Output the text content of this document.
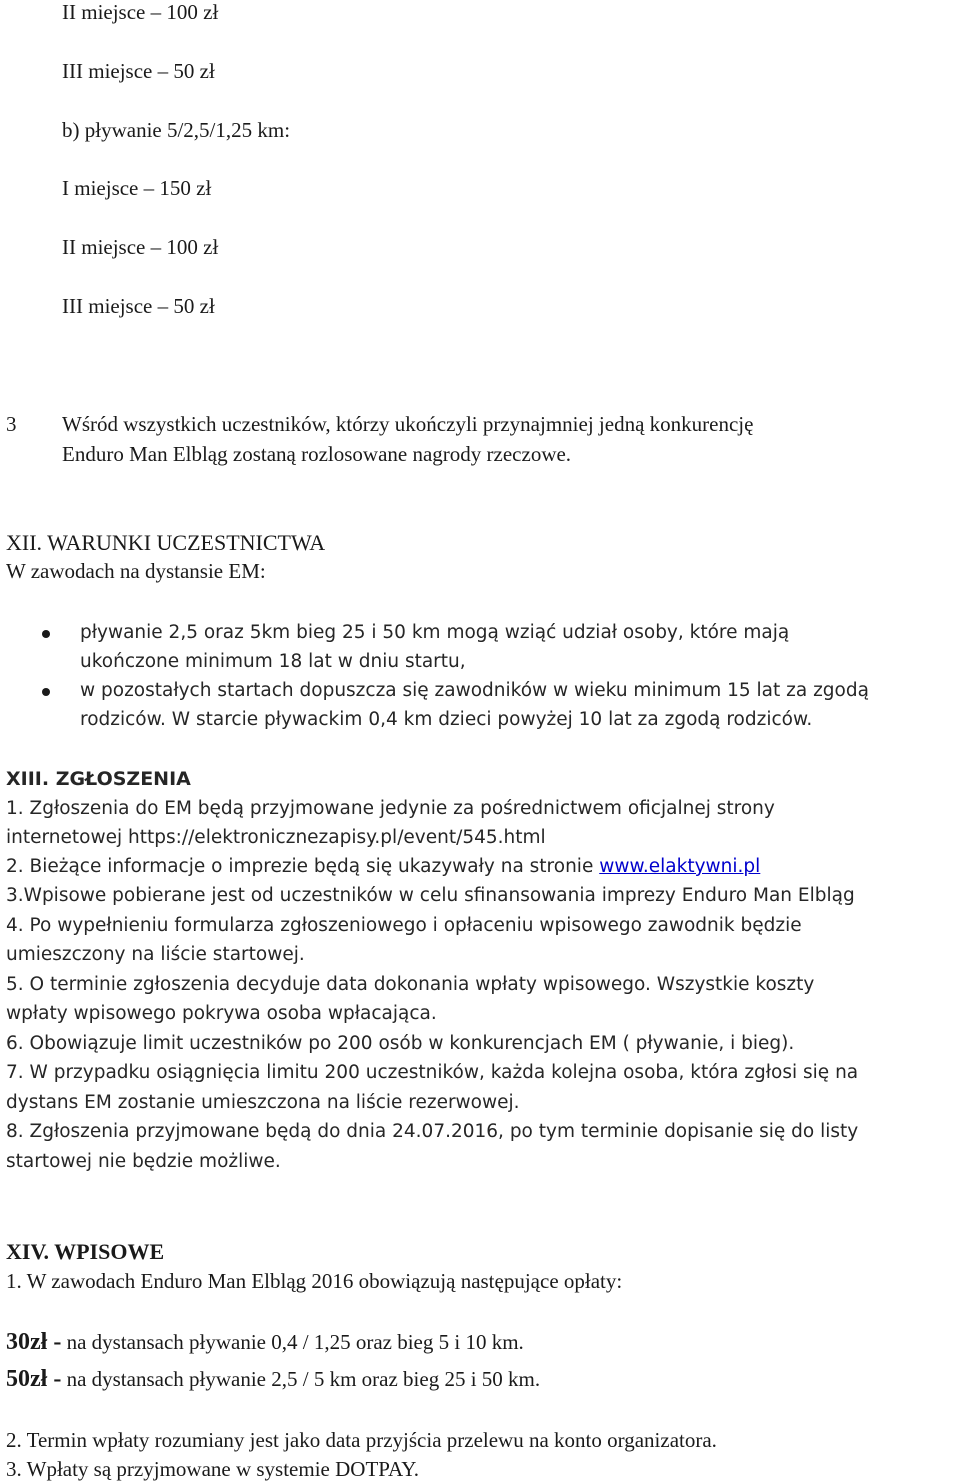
II miejsce – 100 zł
III miejsce – 50 zł
b) pływanie 5/2,5/1,25 km:
I miejsce – 150 zł
II miejsce – 100 zł
III miejsce – 50 zł
3 Wśród wszystkich uczestników, którzy ukończyli przynajmniej jedną konkurencję
Enduro Man Elbląg zostaną rozlosowane nagrody rzeczowe.
XII. WARUNKI UCZESTNICTWA
W zawodach na dystansie EM:
pływanie 2,5 oraz 5km bieg 25 i 50 km mogą wziąć udział osoby, które mają
ukończone minimum 18 lat w dniu startu,
w pozostałych startach dopuszcza się zawodników w wieku minimum 15 lat za zgodą
rodziców. W starcie pływackim 0,4 km dzieci powyżej 10 lat za zgodą rodziców.
XIII. ZGŁOSZENIA
1. Zgłoszenia do EM będą przyjmowane jedynie za pośrednictwem oficjalnej strony
internetowej https://elektronicznezapisy.pl/event/545.html
2. Bieżące informacje o imprezie będą się ukazywały na stronie www.elaktywni.pl
3.Wpisowe pobierane jest od uczestników w celu sfinansowania imprezy Enduro Man Elbląg
4. Po wypełnieniu formularza zgłoszeniowego i opłaceniu wpisowego zawodnik będzie
umieszczony na liście startowej.
5. O terminie zgłoszenia decyduje data dokonania wpłaty wpisowego. Wszystkie koszty
wpłaty wpisowego pokrywa osoba wpłacająca.
6. Obowiązuje limit uczestników po 200 osób w konkurencjach EM ( pływanie, i bieg).
7. W przypadku osiągnięcia limitu 200 uczestników, każda kolejna osoba, która zgłosi się na
dystans EM zostanie umieszczona na liście rezerwowej.
8. Zgłoszenia przyjmowane będą do dnia 24.07.2016, po tym terminie dopisanie się do listy
startowej nie będzie możliwe.
XIV. WPISOWE
1. W zawodach Enduro Man Elbląg 2016 obowiązują następujące opłaty:
30zł - na dystansach pływanie 0,4 / 1,25 oraz bieg 5 i 10 km.
50zł - na dystansach pływanie 2,5 / 5 km oraz bieg 25 i 50 km.
2. Termin wpłaty rozumiany jest jako data przyjścia przelewu na konto organizatora.
3. Wpłaty są przyjmowane w systemie DOTPAY.
